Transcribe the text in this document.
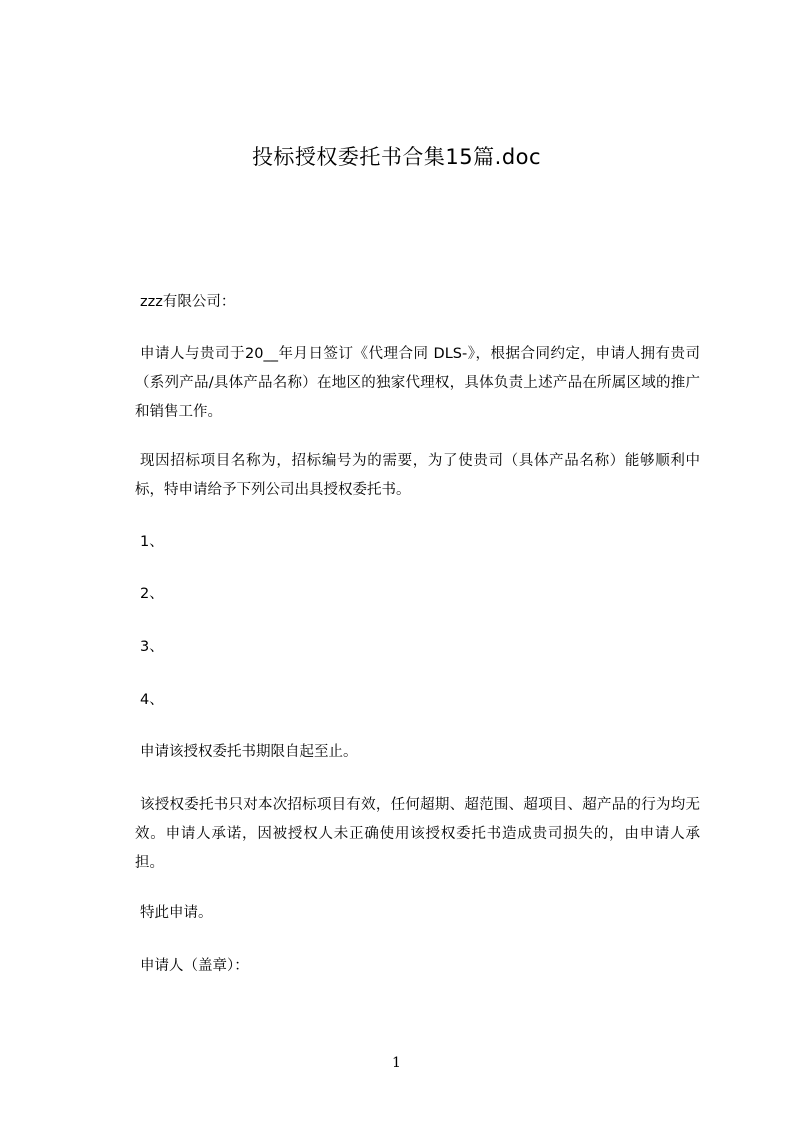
投标授权委托书合集15篇.doc
zzz有限公司：
申请人与贵司于20__年月日签订《代理合同 DLS-》，根据合同约定，申请人拥有贵司（系列产品/具体产品名称）在地区的独家代理权，具体负责上述产品在所属区域的推广和销售工作。
现因招标项目名称为，招标编号为的需要，为了使贵司（具体产品名称）能够顺利中标，特申请给予下列公司出具授权委托书。
1、
2、
3、
4、
申请该授权委托书期限自起至止。
该授权委托书只对本次招标项目有效，任何超期、超范围、超项目、超产品的行为均无效。申请人承诺，因被授权人未正确使用该授权委托书造成贵司损失的，由申请人承担。
特此申请。
申请人（盖章）：
1
